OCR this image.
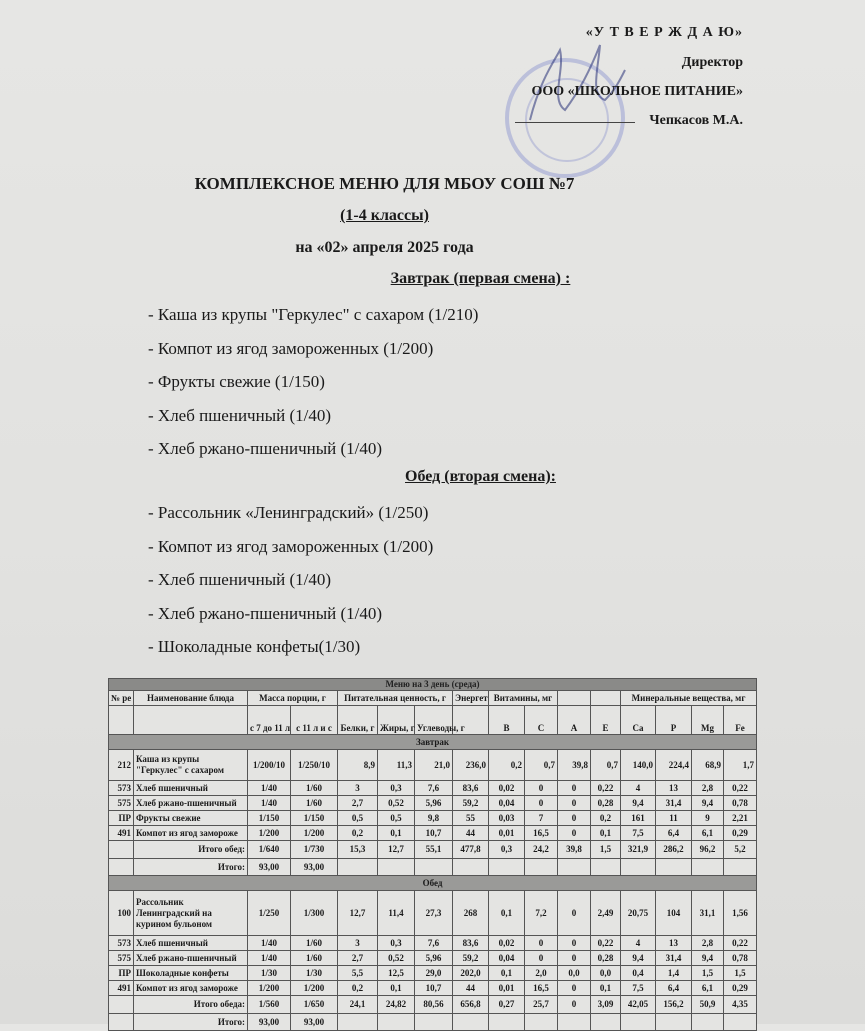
«У Т В Е Р Ж Д А Ю»
Директор
ООО «ШКОЛЬНОЕ ПИТАНИЕ»
Чепкасов М.А.
КОМПЛЕКСНОЕ МЕНЮ ДЛЯ МБОУ СОШ №7
(1-4 классы)
на «02» апреля 2025 года
Завтрак (первая смена) :
- Каша из крупы "Геркулес" с сахаром (1/210)
- Компот из ягод замороженных (1/200)
- Фрукты свежие (1/150)
- Хлеб пшеничный (1/40)
- Хлеб ржано-пшеничный (1/40)
Обед (вторая смена):
- Рассольник «Ленинградский» (1/250)
- Компот из ягод замороженных (1/200)
- Хлеб пшеничный (1/40)
- Хлеб ржано-пшеничный (1/40)
- Шоколадные конфеты(1/30)
Меню на 3 день (среда)
№ ре	Наименование блюда	Масса порции, г	Питательная ценность, г	Энергет	Витамины, мг			Минеральные вещества, мг
		с 7 до 11 л	с 11 л и с	Белки, г	Жиры, г	Углеводы, г		B	C	A	E	Ca	P	Mg	Fe
Завтрак
212	Каша из крупы "Геркулес" с сахаром	1/200/10	1/250/10	8,9	11,3	21,0	236,0	0,2	0,7	39,8	0,7	140,0	224,4	68,9	1,7
573	Хлеб пшеничный	1/40	1/60	3	0,3	7,6	83,6	0,02	0	0	0,22	4	13	2,8	0,22
575	Хлеб ржано-пшеничный	1/40	1/60	2,7	0,52	5,96	59,2	0,04	0	0	0,28	9,4	31,4	9,4	0,78
ПР	Фрукты свежие	1/150	1/150	0,5	0,5	9,8	55	0,03	7	0	0,2	161	11	9	2,21
491	Компот из ягод замороже	1/200	1/200	0,2	0,1	10,7	44	0,01	16,5	0	0,1	7,5	6,4	6,1	0,29
	Итого обед:	1/640	1/730	15,3	12,7	55,1	477,8	0,3	24,2	39,8	1,5	321,9	286,2	96,2	5,2
	Итого:	93,00	93,00												
Обед
100	Рассольник Ленинградский на курином бульоном	1/250	1/300	12,7	11,4	27,3	268	0,1	7,2	0	2,49	20,75	104	31,1	1,56
573	Хлеб пшеничный	1/40	1/60	3	0,3	7,6	83,6	0,02	0	0	0,22	4	13	2,8	0,22
575	Хлеб ржано-пшеничный	1/40	1/60	2,7	0,52	5,96	59,2	0,04	0	0	0,28	9,4	31,4	9,4	0,78
ПР	Шоколадные конфеты	1/30	1/30	5,5	12,5	29,0	202,0	0,1	2,0	0,0	0,0	0,4	1,4	1,5	1,5
491	Компот из ягод замороже	1/200	1/200	0,2	0,1	10,7	44	0,01	16,5	0	0,1	7,5	6,4	6,1	0,29
	Итого обеда:	1/560	1/650	24,1	24,82	80,56	656,8	0,27	25,7	0	3,09	42,05	156,2	50,9	4,35
	Итого:	93,00	93,00												
